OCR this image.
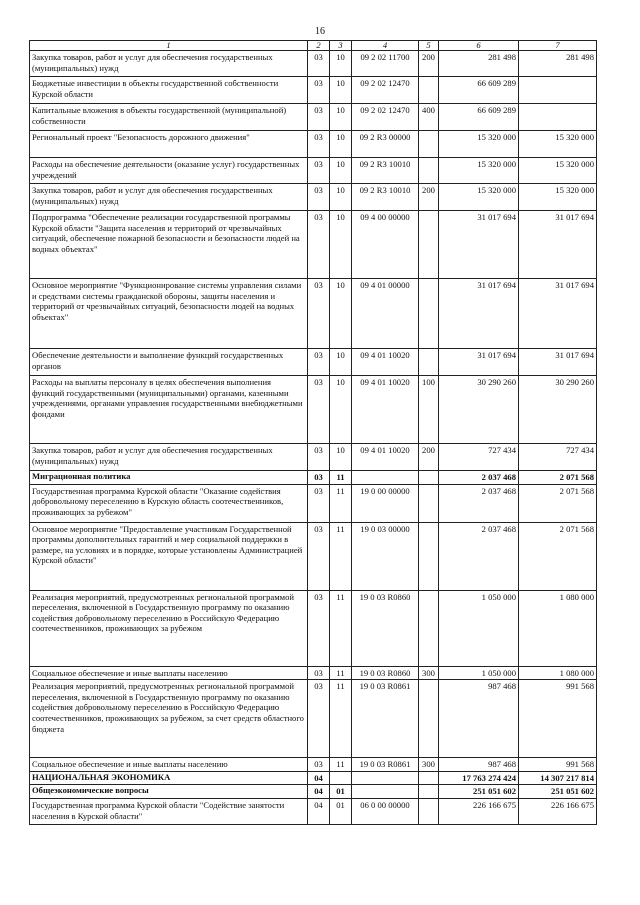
16
1	2	3	4	5	6	7
Закупка товаров, работ и услуг для обеспечения государственных (муниципальных) нужд	03	10	09 2 02 11700	200	281 498	281 498
Бюджетные инвестиции в объекты государственной собственности Курской области	03	10	09 2 02 12470		66 609 289	
Капитальные вложения в объекты государственной (муниципальной) собственности	03	10	09 2 02 12470	400	66 609 289	
Региональный проект "Безопасность дорожного движения"	03	10	09 2 R3 00000		15 320 000	15 320 000
Расходы на обеспечение деятельности (оказание услуг) государственных учреждений	03	10	09 2 R3 10010		15 320 000	15 320 000
Закупка товаров, работ и услуг для обеспечения государственных (муниципальных) нужд	03	10	09 2 R3 10010	200	15 320 000	15 320 000
Подпрограмма "Обеспечение реализации государственной программы Курской области "Защита населения и территорий от чрезвычайных ситуаций, обеспечение пожарной безопасности и безопасности людей на водных объектах"	03	10	09 4 00 00000		31 017 694	31 017 694
Основное мероприятие "Функционирование системы управления силами и средствами системы гражданской обороны, защиты населения и территорий от чрезвычайных ситуаций, безопасности людей на водных объектах"	03	10	09 4 01 00000		31 017 694	31 017 694
Обеспечение деятельности и выполнение функций государственных органов	03	10	09 4 01 10020		31 017 694	31 017 694
Расходы на выплаты персоналу в целях обеспечения выполнения функций государственными (муниципальными) органами, казенными учреждениями, органами управления государственными внебюджетными фондами	03	10	09 4 01 10020	100	30 290 260	30 290 260
Закупка товаров, работ и услуг для обеспечения государственных (муниципальных) нужд	03	10	09 4 01 10020	200	727 434	727 434
Миграционная политика	03	11			2 037 468	2 071 568
Государственная программа Курской области "Оказание содействия добровольному переселению в Курскую область соотечественников, проживающих за рубежом"	03	11	19 0 00 00000		2 037 468	2 071 568
Основное мероприятие "Предоставление участникам Государственной программы дополнительных гарантий и мер социальной поддержки в размере, на условиях и в порядке, которые установлены Администрацией Курской области"	03	11	19 0 03 00000		2 037 468	2 071 568
Реализация мероприятий, предусмотренных региональной программой переселения, включенной в Государственную программу по оказанию содействия добровольному переселению в Российскую Федерацию соотечественников, проживающих за рубежом	03	11	19 0 03 R0860		1 050 000	1 080 000
Социальное обеспечение и иные выплаты населению	03	11	19 0 03 R0860	300	1 050 000	1 080 000
Реализация мероприятий, предусмотренных региональной программой переселения, включенной в Государственную программу по оказанию содействия добровольному переселению в Российскую Федерацию соотечественников, проживающих за рубежом, за счет средств областного бюджета	03	11	19 0 03 R0861		987 468	991 568
Социальное обеспечение и иные выплаты населению	03	11	19 0 03 R0861	300	987 468	991 568
НАЦИОНАЛЬНАЯ ЭКОНОМИКА	04				17 763 274 424	14 307 217 814
Общеэкономические вопросы	04	01			251 051 602	251 051 602
Государственная программа Курской области "Содействие занятости населения в Курской области"	04	01	06 0 00 00000		226 166 675	226 166 675
